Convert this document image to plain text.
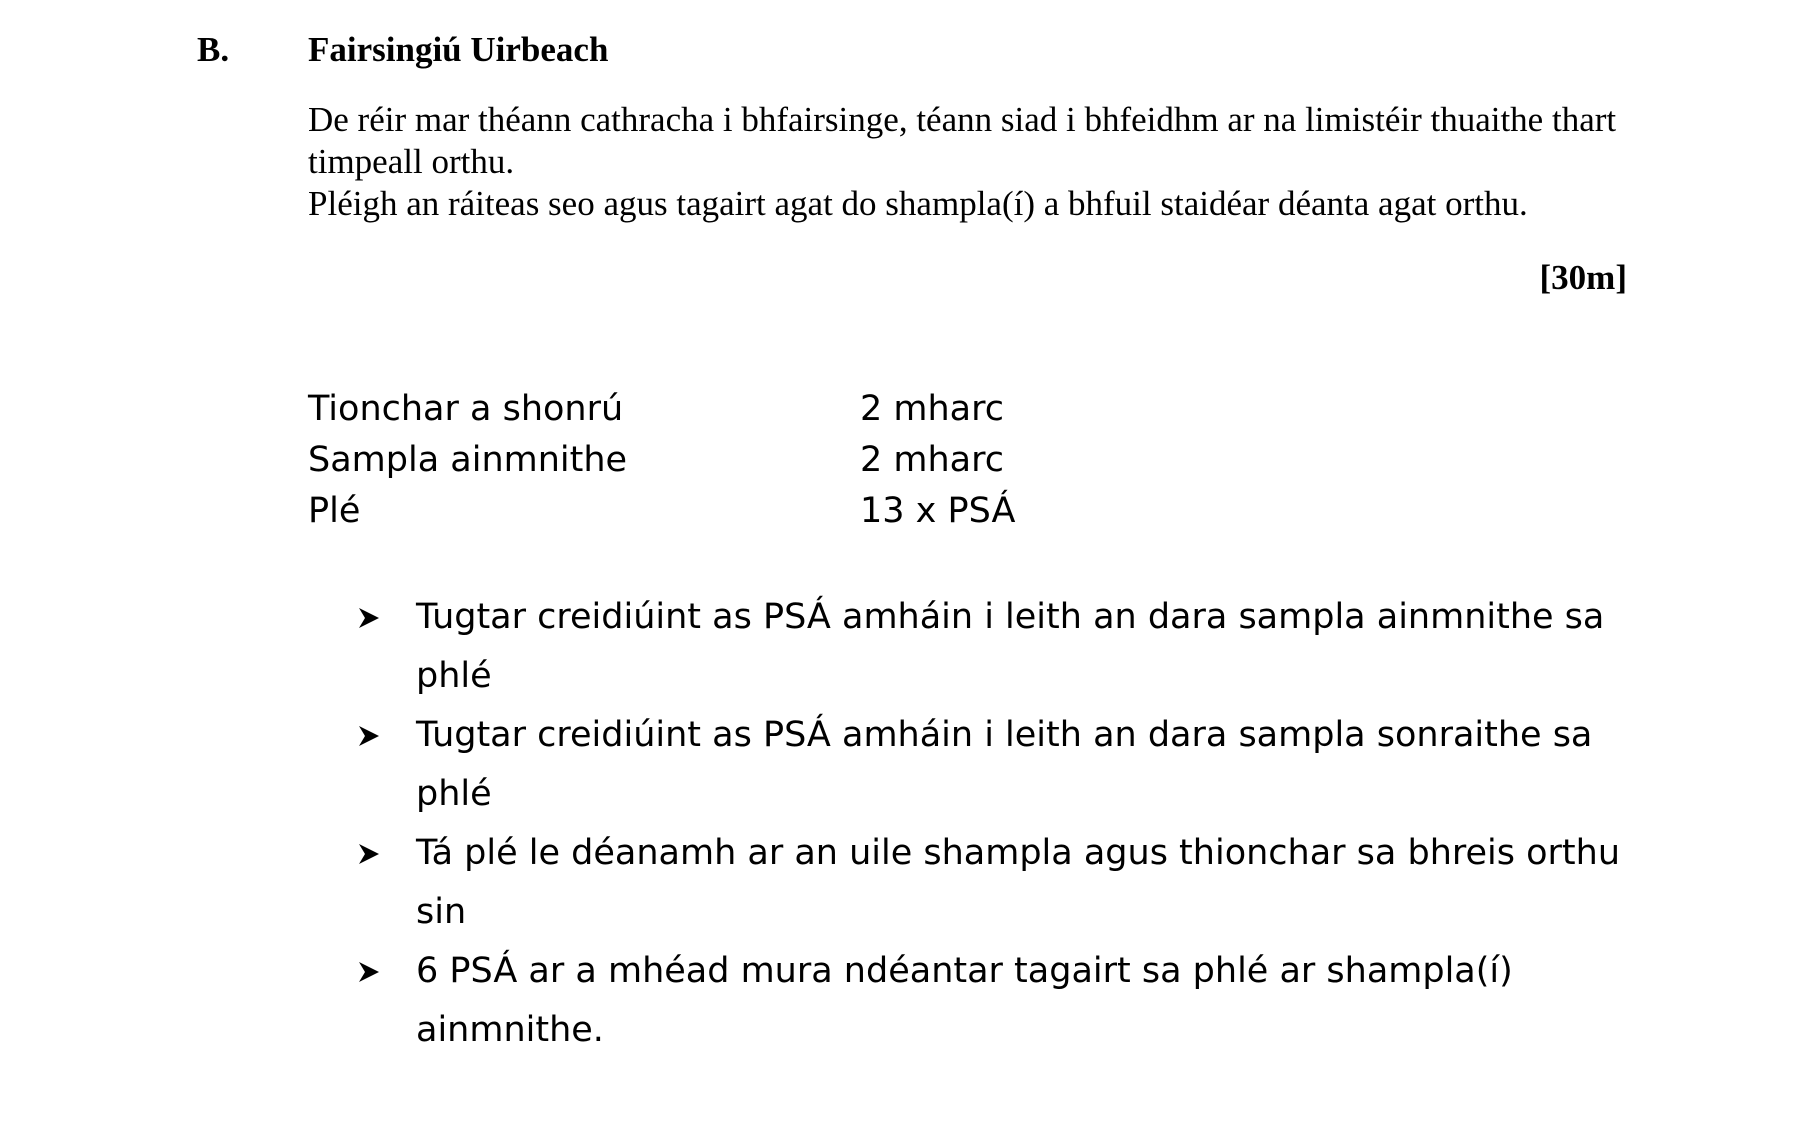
B. Fairsingiú Uirbeach

De réir mar théann cathracha i bhfairsinge, téann siad i bhfeidhm ar na limistéir thuaithe thart timpeall orthu.

Pléigh an ráiteas seo agus tagairt agat do shampla(í) a bhfuil staidéar déanta agat orthu.

[30m]
Tionchar a shonrú	2 mharc
Sampla ainmnithe	2 mharc
Plé	13 x PSÁ
Tugtar creidiúint as PSÁ amháin i leith an dara sampla ainmnithe sa phlé
Tugtar creidiúint as PSÁ amháin i leith an dara sampla sonraithe sa phlé
Tá plé le déanamh ar an uile shampla agus thionchar sa bhreis orthu sin
6 PSÁ ar a mhéad mura ndéantar tagairt sa phlé ar shampla(í) ainmnithe.
